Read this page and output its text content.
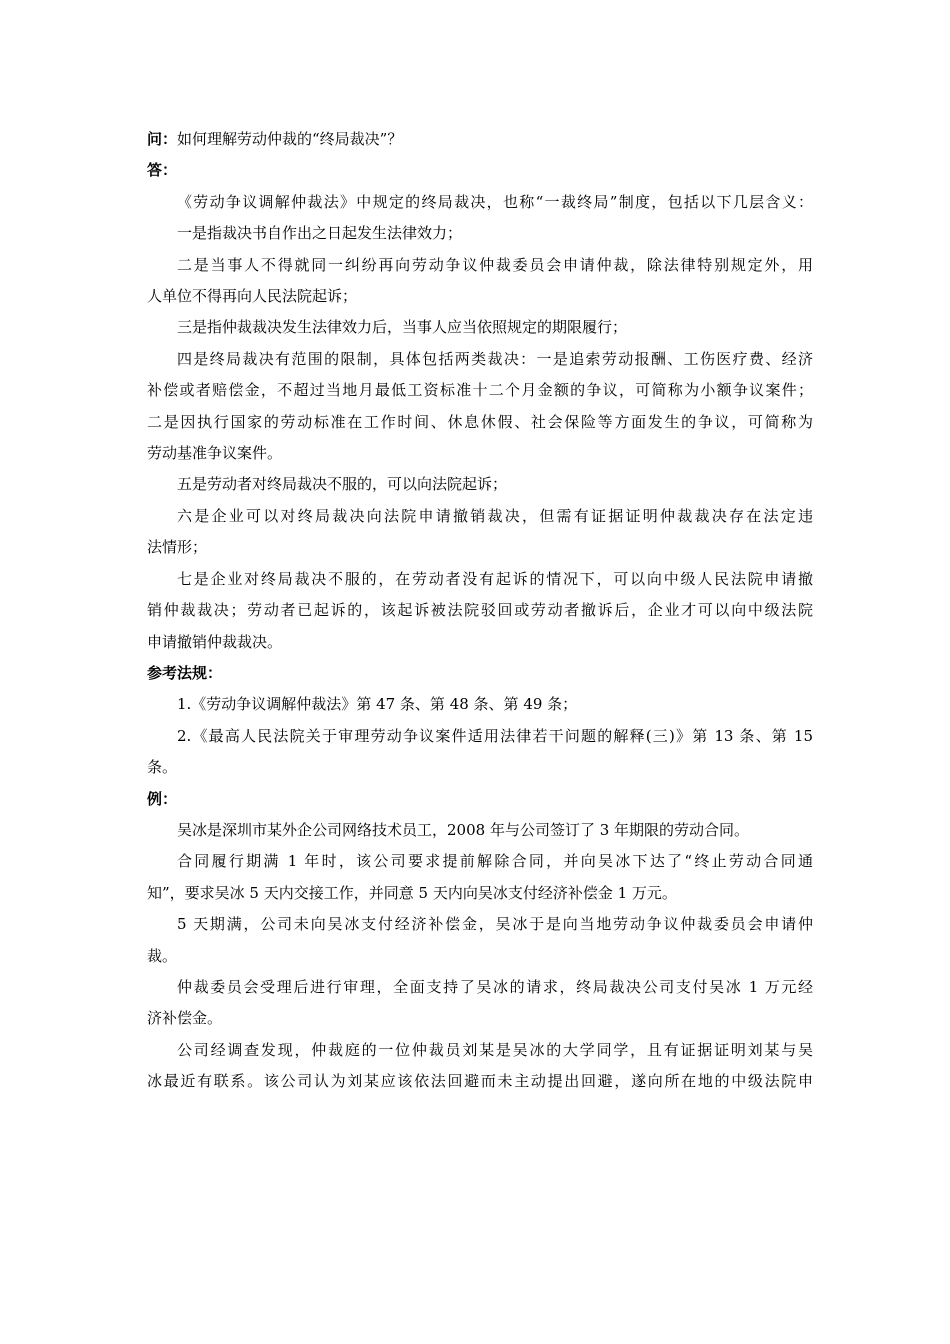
问：如何理解劳动仲裁的“终局裁决”？

答：

《劳动争议调解仲裁法》中规定的终局裁决，也称“一裁终局”制度，包括以下几层含义：

一是指裁决书自作出之日起发生法律效力；

二是当事人不得就同一纠纷再向劳动争议仲裁委员会申请仲裁，除法律特别规定外，用

人单位不得再向人民法院起诉；

三是指仲裁裁决发生法律效力后，当事人应当依照规定的期限履行；

四是终局裁决有范围的限制，具体包括两类裁决：一是追索劳动报酬、工伤医疗费、经济

补偿或者赔偿金，不超过当地月最低工资标准十二个月金额的争议，可简称为小额争议案件；

二是因执行国家的劳动标准在工作时间、休息休假、社会保险等方面发生的争议，可简称为

劳动基准争议案件。

五是劳动者对终局裁决不服的，可以向法院起诉；

六是企业可以对终局裁决向法院申请撤销裁决，但需有证据证明仲裁裁决存在法定违

法情形；

七是企业对终局裁决不服的，在劳动者没有起诉的情况下，可以向中级人民法院申请撤

销仲裁裁决；劳动者已起诉的，该起诉被法院驳回或劳动者撤诉后，企业才可以向中级法院

申请撤销仲裁裁决。

参考法规：

1.《劳动争议调解仲裁法》第 47 条、第 48 条、第 49 条；

2.《最高人民法院关于审理劳动争议案件适用法律若干问题的解释(三)》第 13 条、第 15

条。

例：

吴冰是深圳市某外企公司网络技术员工，2008 年与公司签订了 3 年期限的劳动合同。

合同履行期满 1 年时，该公司要求提前解除合同，并向吴冰下达了“终止劳动合同通

知”，要求吴冰 5 天内交接工作，并同意 5 天内向吴冰支付经济补偿金 1 万元。

5 天期满，公司未向吴冰支付经济补偿金，吴冰于是向当地劳动争议仲裁委员会申请仲

裁。

仲裁委员会受理后进行审理，全面支持了吴冰的请求，终局裁决公司支付吴冰 1 万元经

济补偿金。

公司经调查发现，仲裁庭的一位仲裁员刘某是吴冰的大学同学，且有证据证明刘某与吴

冰最近有联系。该公司认为刘某应该依法回避而未主动提出回避，遂向所在地的中级法院申
